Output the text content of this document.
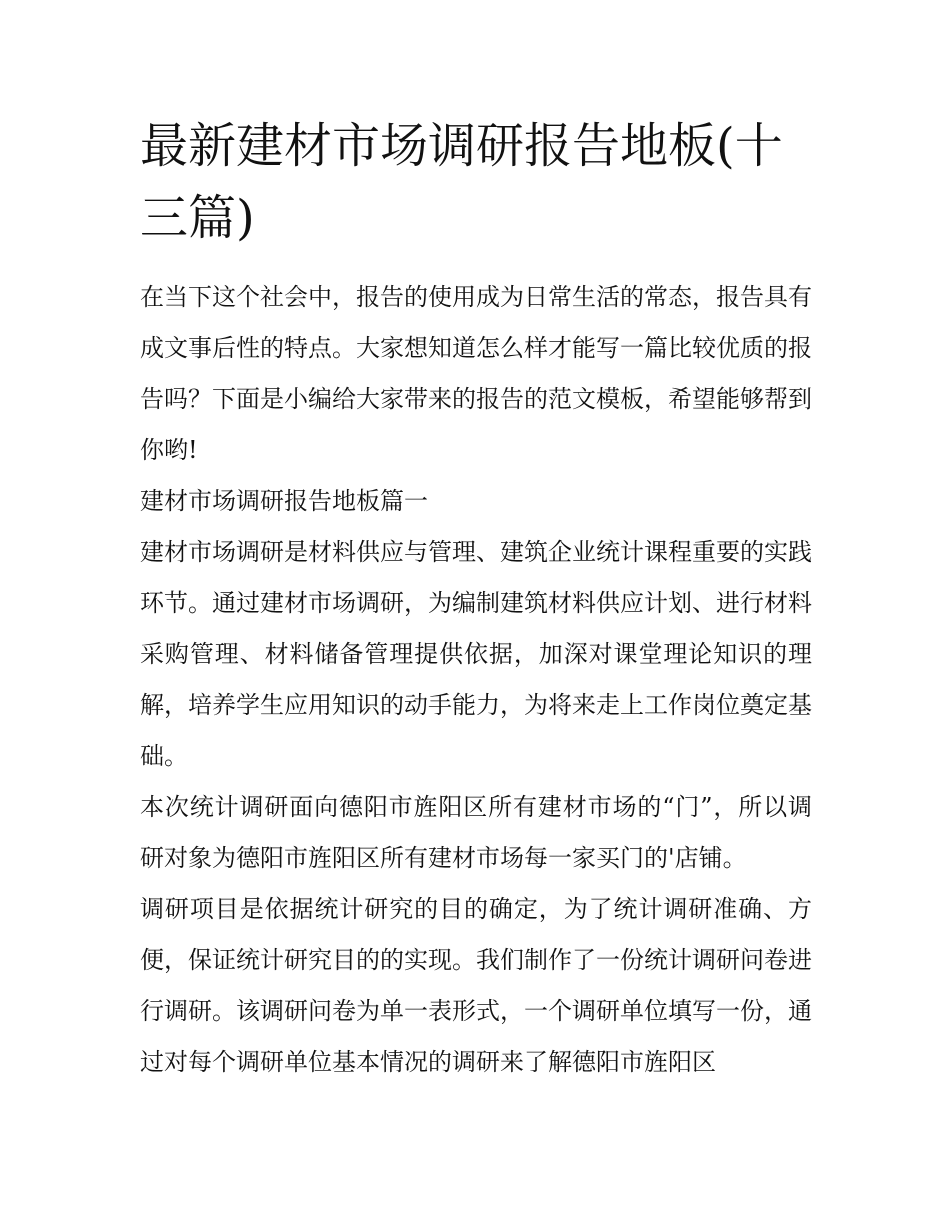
最新建材市场调研报告地板(十三篇)

在当下这个社会中，报告的使用成为日常生活的常态，报告具有成文事后性的特点。大家想知道怎么样才能写一篇比较优质的报告吗？下面是小编给大家带来的报告的范文模板，希望能够帮到你哟!

建材市场调研报告地板篇一

建材市场调研是材料供应与管理、建筑企业统计课程重要的实践环节。通过建材市场调研，为编制建筑材料供应计划、进行材料采购管理、材料储备管理提供依据，加深对课堂理论知识的理解，培养学生应用知识的动手能力，为将来走上工作岗位奠定基础。

本次统计调研面向德阳市旌阳区所有建材市场的“门”，所以调研对象为德阳市旌阳区所有建材市场每一家买门的'店铺。

调研项目是依据统计研究的目的确定，为了统计调研准确、方便，保证统计研究目的的实现。我们制作了一份统计调研问卷进行调研。该调研问卷为单一表形式，一个调研单位填写一份，通过对每个调研单位基本情况的调研来了解德阳市旌阳区
